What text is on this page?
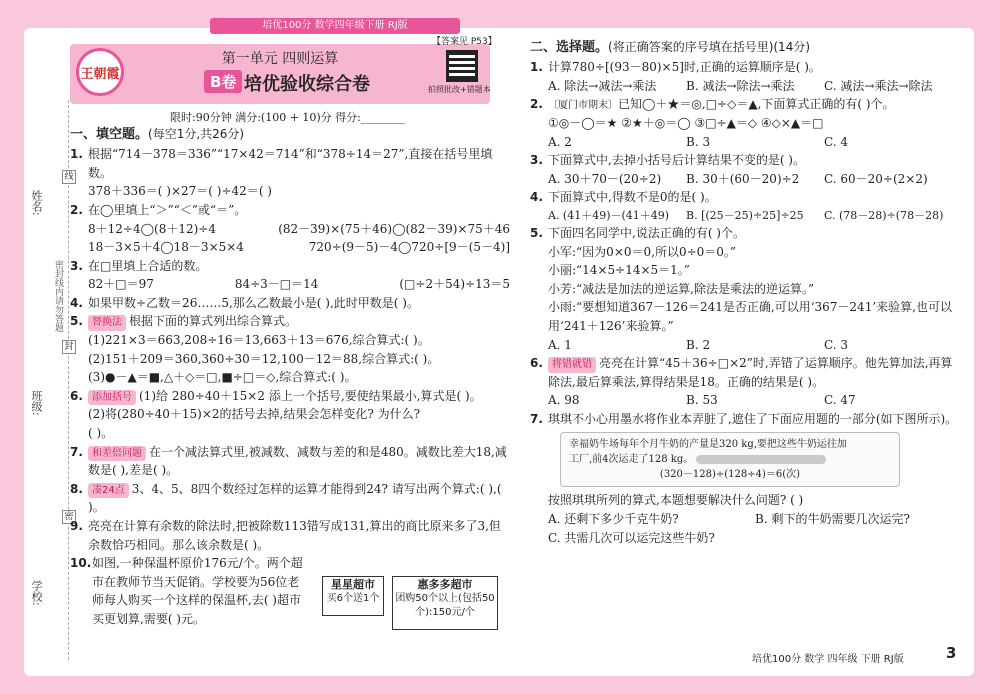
培优100分 数学四年级下册 RJ版
姓名:
班级:
学校:
密封线内请勿答题
线
封
密
王朝霞
第一单元 四则运算
B卷 培优验收综合卷
【答案见 P53】
拍照批改+错题本
限时:90分钟 满分:(100 + 10)分 得分:________
一、填空题。(每空1分,共26分)
1. 根据“714－378＝336”“17×42＝714”和“378÷14＝27”,直接在括号里填数。
378＋336＝( )×27＝( )÷42＝( )
2. 在◯里填上“＞”“＜”或“＝”。
8＋12÷4◯(8＋12)÷4	(82－39)×(75＋46)◯(82－39)×75＋46
18－3×5＋4◯18－3×5×4	720÷(9－5)－4◯720÷[9－(5－4)]
3. 在□里填上合适的数。
82＋□＝97	84÷3－□＝14	(□÷2＋54)÷13＝5
4. 如果甲数÷乙数＝26……5,那么乙数最小是( ),此时甲数是( )。
5. 替换法 根据下面的算式列出综合算式。
(1)221×3＝663,208÷16＝13,663＋13＝676,综合算式:( )。
(2)151＋209＝360,360÷30＝12,100－12＝88,综合算式:( )。
(3)●－▲＝■,△＋◇＝□,■÷□＝◇,综合算式:( )。
6. 添加括号 (1)给 280÷40＋15×2 添上一个括号,要使结果最小,算式是( )。
(2)将(280÷40＋15)×2的括号去掉,结果会怎样变化? 为什么?
( )。
7. 和差倍问题 在一个减法算式里,被减数、减数与差的和是480。减数比差大18,减数是( ),差是( )。
8. 凑24点 3、4、5、8四个数经过怎样的运算才能得到24? 请写出两个算式:( ),( )。
9. 亮亮在计算有余数的除法时,把被除数113错写成131,算出的商比原来多了3,但余数恰巧相同。那么该余数是( )。
10. 如图,一种保温杯原价176元/个。两个超市在教师节当天促销。学校要为56位老师每人购买一个这样的保温杯,去( )超市买更划算,需要( )元。
星星超市
买6个送1个
惠多多超市
团购50个以上(包括50个):150元/个
二、选择题。(将正确答案的序号填在括号里)(14分)
1. 计算780÷[(93－80)×5]时,正确的运算顺序是( )。
A. 除法→减法→乘法	B. 减法→除法→乘法	C. 减法→乘法→除法
2. 〔厦门市期末〕已知◯＋★＝◎,□÷◇＝▲,下面算式正确的有( )个。
①◎－◯＝★ ②★＋◎＝◯ ③□÷▲＝◇ ④◇×▲＝□
A. 2	B. 3	C. 4
3. 下面算式中,去掉小括号后计算结果不变的是( )。
A. 30＋70－(20÷2)	B. 30＋(60－20)÷2	C. 60－20÷(2×2)
4. 下面算式中,得数不是0的是( )。
A. (41＋49)－(41＋49)	B. [(25－25)÷25]÷25	C. (78－28)÷(78－28)
5. 下面四名同学中,说法正确的有( )个。
小军:“因为0×0＝0,所以0÷0＝0。”
小丽:“14×5÷14×5＝1。”
小芳:“减法是加法的逆运算,除法是乘法的逆运算。”
小雨:“要想知道367－126＝241是否正确,可以用‘367－241’来验算,也可以用‘241＋126’来验算。”
A. 1	B. 2	C. 3
6. 将错就错 亮亮在计算“45＋36÷□×2”时,弄错了运算顺序。他先算加法,再算除法,最后算乘法,算得结果是18。正确的结果是( )。
A. 98	B. 53	C. 47
7. 琪琪不小心用墨水将作业本弄脏了,遮住了下面应用题的一部分(如下图所示)。
幸福奶牛场每年个月牛奶的产量是320 kg,要把这些牛奶运往加
工厂,前4次运走了128 kg。
(320－128)÷(128÷4)＝6(次)
按照琪琪所列的算式,本题想要解决什么问题? ( )
A. 还剩下多少千克牛奶?	B. 剩下的牛奶需要几次运完?
C. 共需几次可以运完这些牛奶?
培优100分 数学 四年级 下册 RJ版	3
